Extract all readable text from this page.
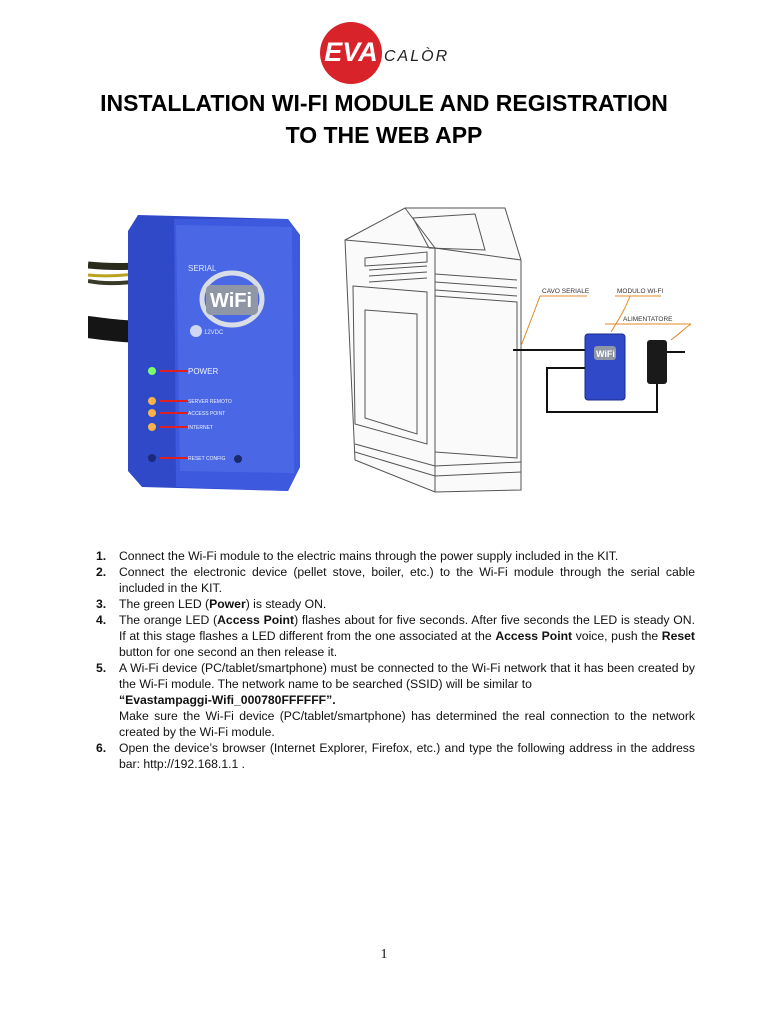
EVA CALÒR
INSTALLATION WI-FI MODULE AND REGISTRATION
TO THE WEB APP
SERIAL
WiFi
12VDC
POWER
SERVER REMOTO
ACCESS POINT
INTERNET
RESET CONFIG
WiFi
CAVO SERIALE	MODULO WI-FI
ALIMENTATORE
1. Connect the Wi-Fi module to the electric mains through the power supply included in the KIT.
2. Connect the electronic device (pellet stove, boiler, etc.) to the Wi-Fi module through the serial cable included in the KIT.
3. The green LED (Power) is steady ON.
4. The orange LED (Access Point) flashes about for five seconds. After five seconds the LED is steady ON. If at this stage flashes a LED different from the one associated at the Access Point voice, push the Reset button for one second an then release it.
5. A Wi-Fi device (PC/tablet/smartphone) must be connected to the Wi-Fi network that it has been created by the Wi-Fi module. The network name to be searched (SSID) will be similar to
“Evastampaggi-Wifi_000780FFFFFF”.
Make sure the Wi-Fi device (PC/tablet/smartphone) has determined the real connection to the network created by the Wi-Fi module.
6. Open the device’s browser (Internet Explorer, Firefox, etc.) and type the following address in the address bar: http://192.168.1.1 .
1
